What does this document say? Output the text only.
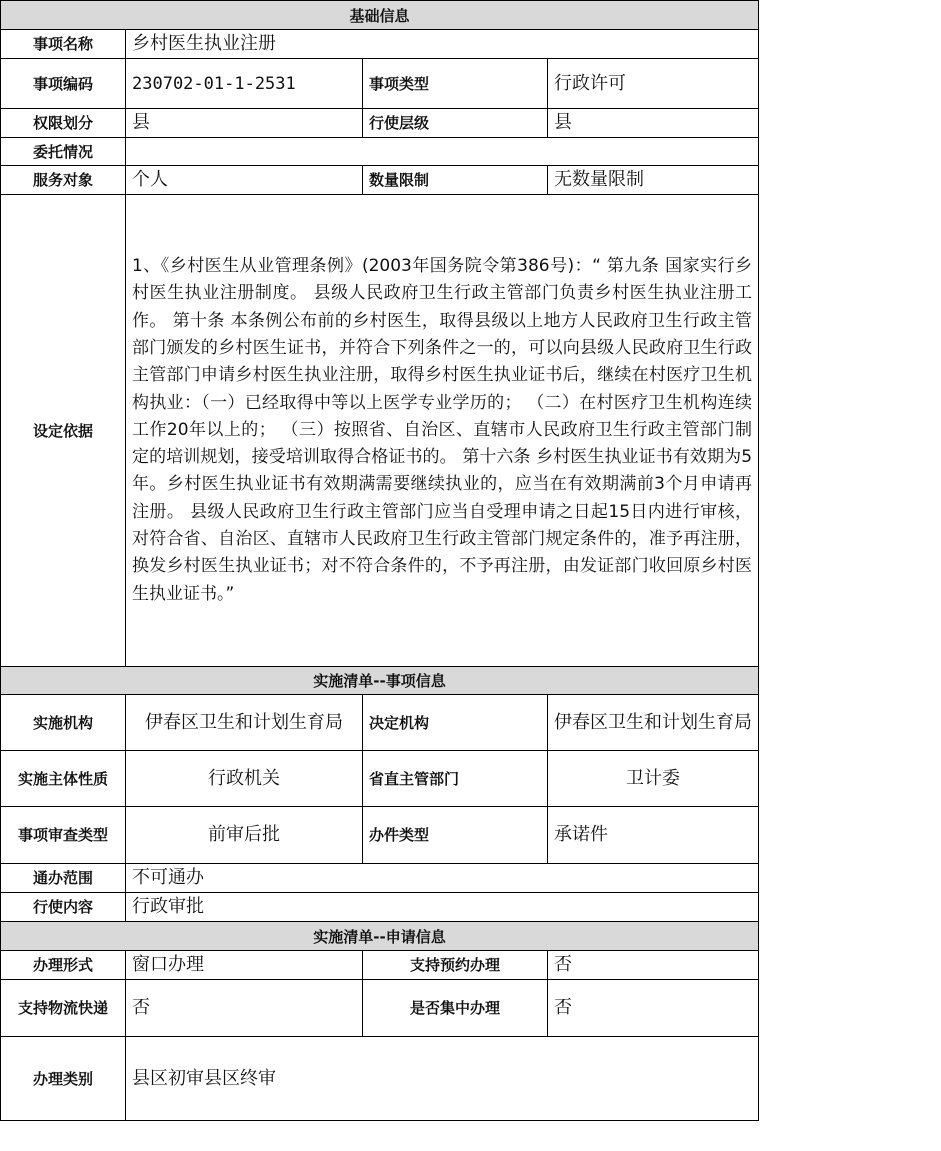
基础信息			
事项名称	乡村医生执业注册		
事项编码	230702-01-1-2531	事项类型	行政许可
权限划分	县	行使层级	县
委托情况			
服务对象	个人	数量限制	无数量限制
设定依据	1、《乡村医生从业管理条例》(2003年国务院令第386号)：“ 第九条 国家实行乡村医生执业注册制度。 县级人民政府卫生行政主管部门负责乡村医生执业注册工作。 第十条 本条例公布前的乡村医生，取得县级以上地方人民政府卫生行政主管部门颁发的乡村医生证书，并符合下列条件之一的，可以向县级人民政府卫生行政主管部门申请乡村医生执业注册，取得乡村医生执业证书后，继续在村医疗卫生机构执业：（一）已经取得中等以上医学专业学历的； （二）在村医疗卫生机构连续工作20年以上的； （三）按照省、自治区、直辖市人民政府卫生行政主管部门制定的培训规划，接受培训取得合格证书的。 第十六条 乡村医生执业证书有效期为5年。乡村医生执业证书有效期满需要继续执业的，应当在有效期满前3个月申请再注册。 县级人民政府卫生行政主管部门应当自受理申请之日起15日内进行审核，对符合省、自治区、直辖市人民政府卫生行政主管部门规定条件的，准予再注册，换发乡村医生执业证书；对不符合条件的，不予再注册，由发证部门收回原乡村医生执业证书。”		
实施清单--事项信息			
实施机构	伊春区卫生和计划生育局	决定机构	伊春区卫生和计划生育局
实施主体性质	行政机关	省直主管部门	卫计委
事项审查类型	前审后批	办件类型	承诺件
通办范围	不可通办		
行使内容	行政审批		
实施清单--申请信息			
办理形式	窗口办理	支持预约办理	否
支持物流快递	否	是否集中办理	否
办理类别	县区初审县区终审		
